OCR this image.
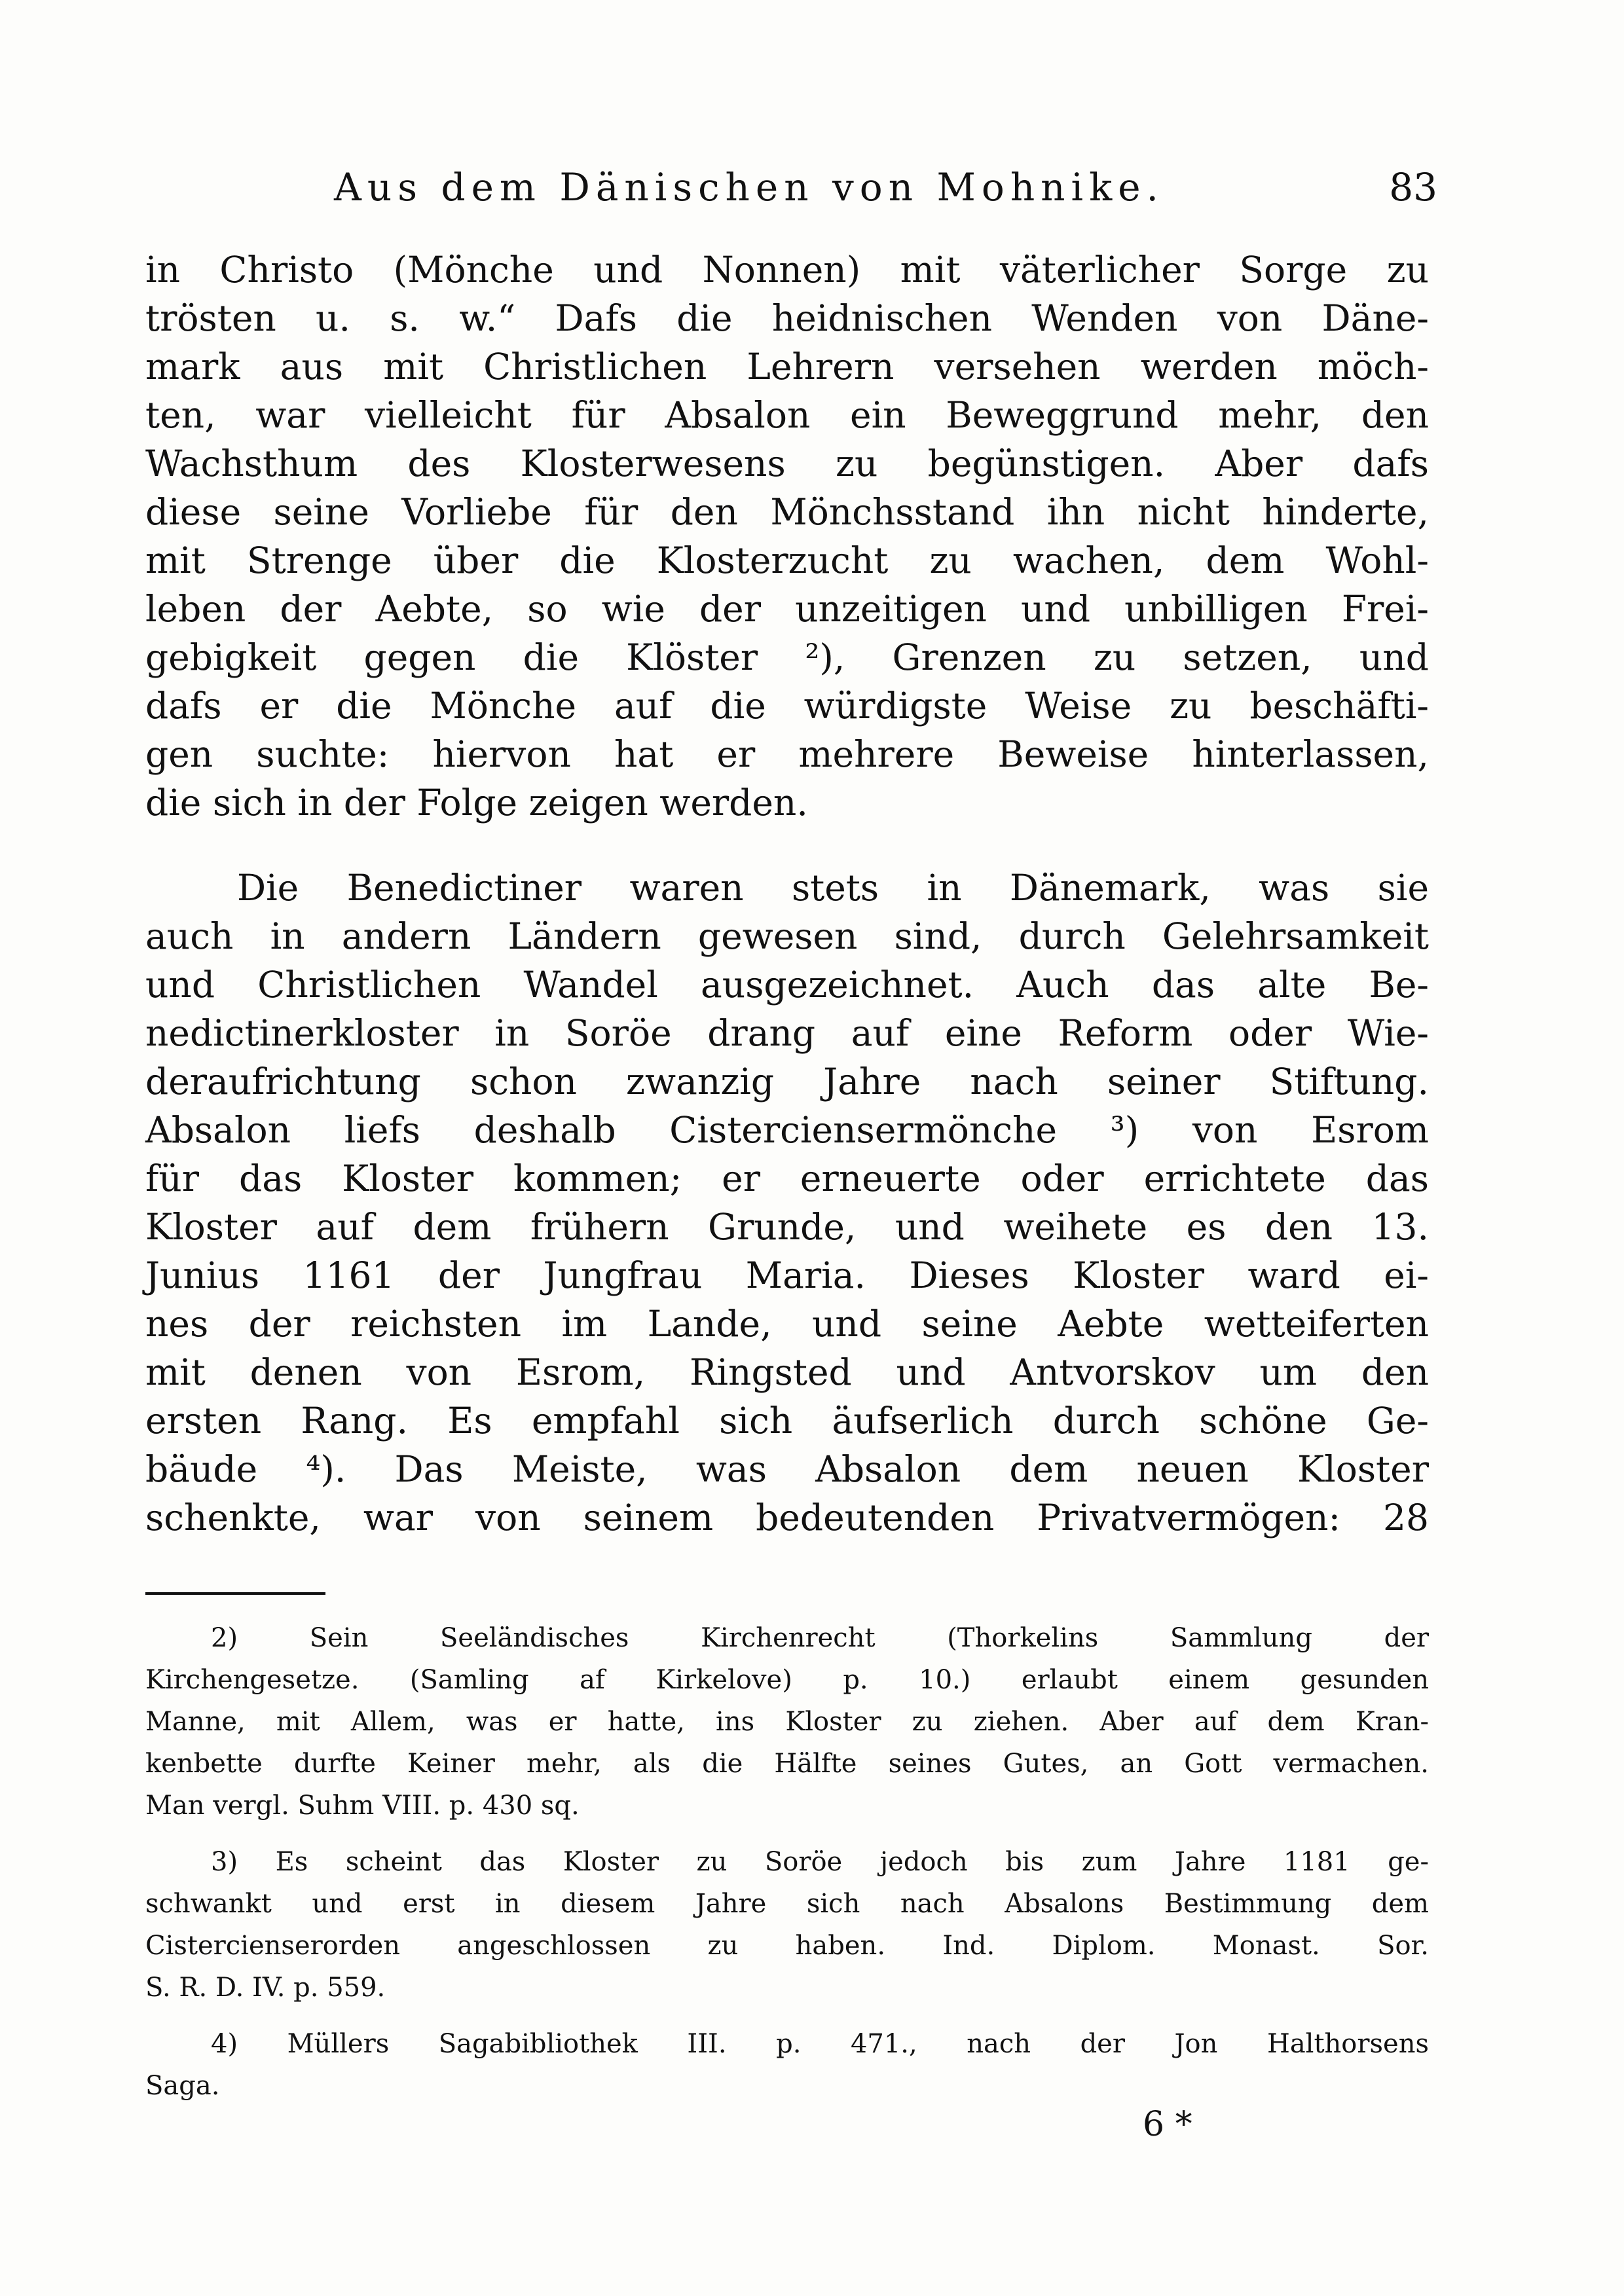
Aus dem Dänischen von Mohnike.	83
in Christo (Mönche und Nonnen) mit väterlicher Sorge zu
trösten u. s. w.“ Dafs die heidnischen Wenden von Däne-
mark aus mit Christlichen Lehrern versehen werden möch-
ten, war vielleicht für Absalon ein Beweggrund mehr, den
Wachsthum des Klosterwesens zu begünstigen. Aber dafs
diese seine Vorliebe für den Mönchsstand ihn nicht hinderte,
mit Strenge über die Klosterzucht zu wachen, dem Wohl-
leben der Aebte, so wie der unzeitigen und unbilligen Frei-
gebigkeit gegen die Klöster ²), Grenzen zu setzen, und
dafs er die Mönche auf die würdigste Weise zu beschäfti-
gen suchte: hiervon hat er mehrere Beweise hinterlassen,
die sich in der Folge zeigen werden.
Die Benedictiner waren stets in Dänemark, was sie
auch in andern Ländern gewesen sind, durch Gelehrsamkeit
und Christlichen Wandel ausgezeichnet. Auch das alte Be-
nedictinerkloster in Soröe drang auf eine Reform oder Wie-
deraufrichtung schon zwanzig Jahre nach seiner Stiftung.
Absalon liefs deshalb Cisterciensermönche ³) von Esrom
für das Kloster kommen; er erneuerte oder errichtete das
Kloster auf dem frühern Grunde, und weihete es den 13.
Junius 1161 der Jungfrau Maria. Dieses Kloster ward ei-
nes der reichsten im Lande, und seine Aebte wetteiferten
mit denen von Esrom, Ringsted und Antvorskov um den
ersten Rang. Es empfahl sich äufserlich durch schöne Ge-
bäude ⁴). Das Meiste, was Absalon dem neuen Kloster
schenkte, war von seinem bedeutenden Privatvermögen: 28
2) Sein Seeländisches Kirchenrecht (Thorkelins Sammlung der
Kirchengesetze. (Samling af Kirkelove) p. 10.) erlaubt einem gesunden
Manne, mit Allem, was er hatte, ins Kloster zu ziehen. Aber auf dem Kran-
kenbette durfte Keiner mehr, als die Hälfte seines Gutes, an Gott vermachen.
Man vergl. Suhm VIII. p. 430 sq.
3) Es scheint das Kloster zu Soröe jedoch bis zum Jahre 1181 ge-
schwankt und erst in diesem Jahre sich nach Absalons Bestimmung dem
Cistercienserorden angeschlossen zu haben. Ind. Diplom. Monast. Sor.
S. R. D. IV. p. 559.
4) Müllers Sagabibliothek III. p. 471., nach der Jon Halthorsens
Saga.
6 *
